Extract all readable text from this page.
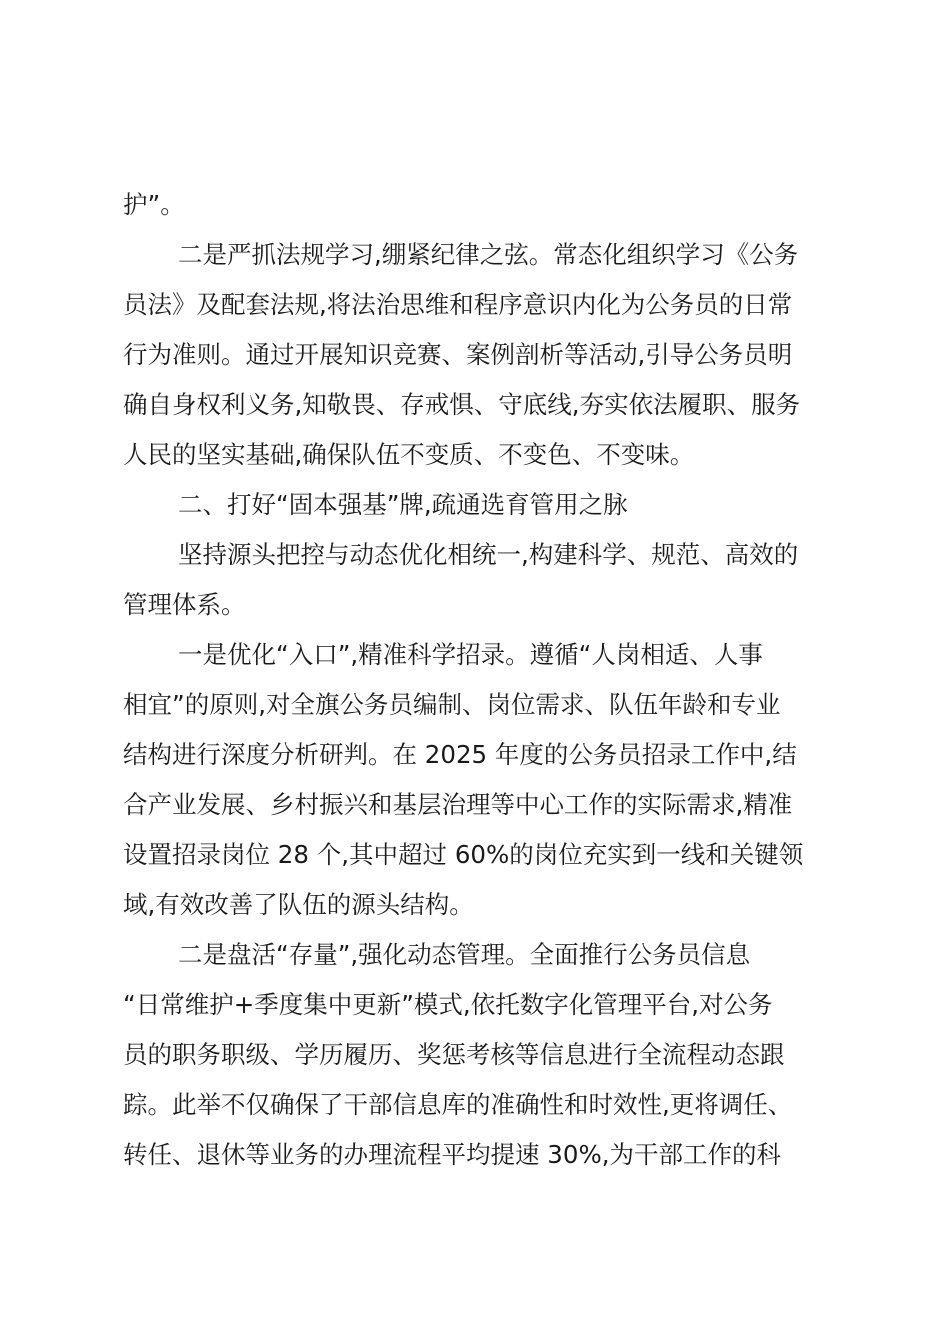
护”。
二是严抓法规学习,绷紧纪律之弦。常态化组织学习《公务
员法》及配套法规,将法治思维和程序意识内化为公务员的日常
行为准则。通过开展知识竞赛、案例剖析等活动,引导公务员明
确自身权利义务,知敬畏、存戒惧、守底线,夯实依法履职、服务
人民的坚实基础,确保队伍不变质、不变色、不变味。
二、打好“固本强基”牌,疏通选育管用之脉
坚持源头把控与动态优化相统一,构建科学、规范、高效的
管理体系。
一是优化“入口”,精准科学招录。遵循“人岗相适、人事
相宜”的原则,对全旗公务员编制、岗位需求、队伍年龄和专业
结构进行深度分析研判。在 2025 年度的公务员招录工作中,结
合产业发展、乡村振兴和基层治理等中心工作的实际需求,精准
设置招录岗位 28 个,其中超过 60%的岗位充实到一线和关键领
域,有效改善了队伍的源头结构。
二是盘活“存量”,强化动态管理。全面推行公务员信息
“日常维护+季度集中更新”模式,依托数字化管理平台,对公务
员的职务职级、学历履历、奖惩考核等信息进行全流程动态跟
踪。此举不仅确保了干部信息库的准确性和时效性,更将调任、
转任、退休等业务的办理流程平均提速 30%,为干部工作的科
